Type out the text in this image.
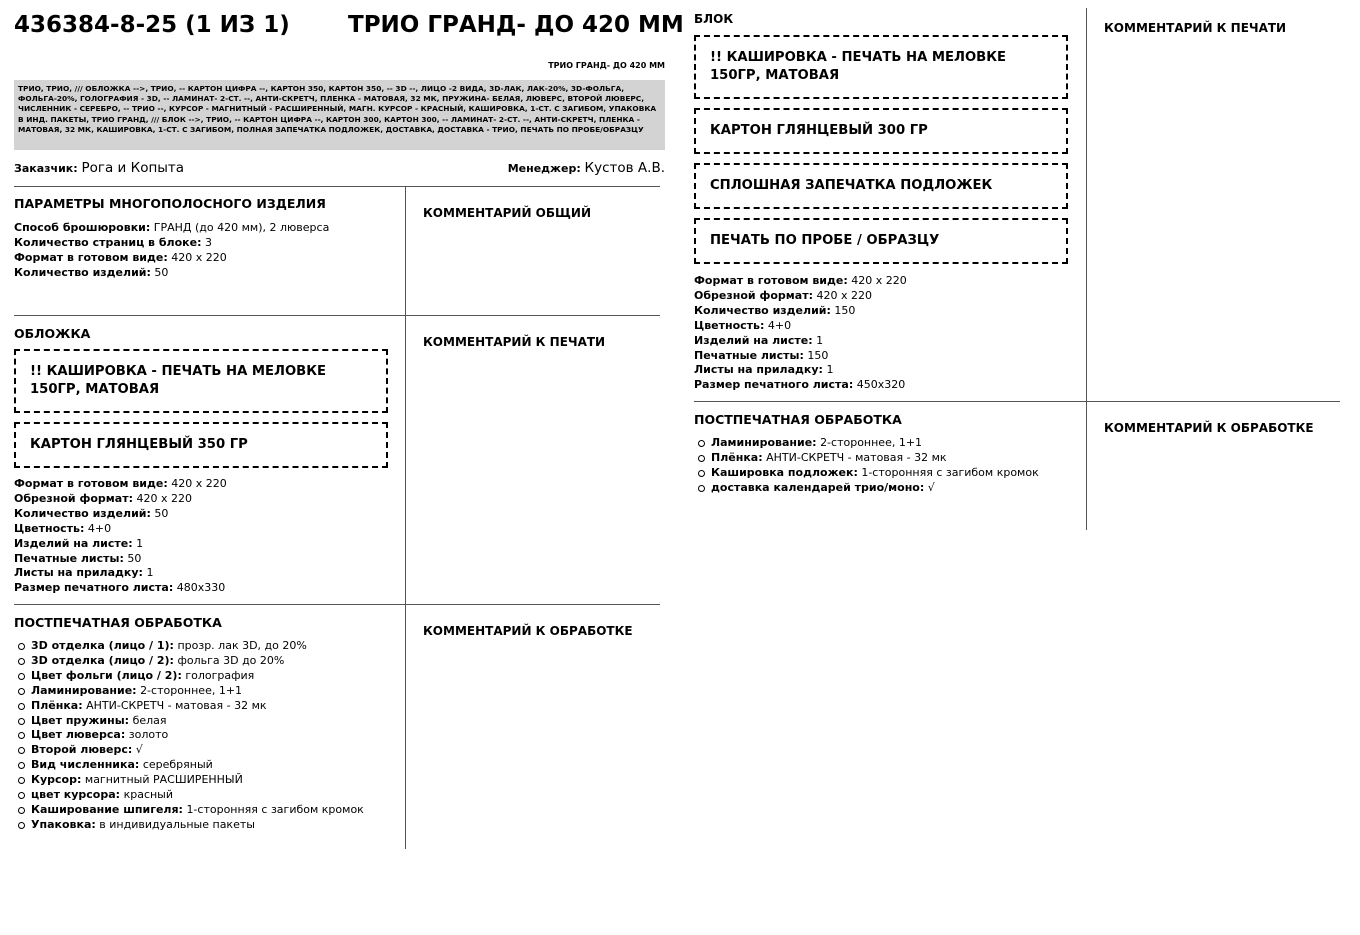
436384-8-25 (1 ИЗ 1)	ТРИО ГРАНД- ДО 420 ММ
ТРИО ГРАНД- ДО 420 ММ
ТРИО, ТРИО, /// ОБЛОЖКА -->, ТРИО, -- КАРТОН ЦИФРА --, КАРТОН 350, КАРТОН 350, -- 3D --, ЛИЦО -2 ВИДА, 3D-ЛАК, ЛАК-20%, 3D-ФОЛЬГА, ФОЛЬГА-20%, ГОЛОГРАФИЯ - 3D, -- ЛАМИНАТ- 2-СТ. --, АНТИ-СКРЕТЧ, ПЛЕНКА - МАТОВАЯ, 32 МК, ПРУЖИНА- БЕЛАЯ, ЛЮВЕРС, ВТОРОЙ ЛЮВЕРС, ЧИСЛЕННИК - СЕРЕБРО, -- ТРИО --, КУРСОР - МАГНИТНЫЙ - РАСШИРЕННЫЙ, МАГН. КУРСОР - КРАСНЫЙ, КАШИРОВКА, 1-СТ. С ЗАГИБОМ, УПАКОВКА В ИНД. ПАКЕТЫ, ТРИО ГРАНД, /// БЛОК -->, ТРИО, -- КАРТОН ЦИФРА --, КАРТОН 300, КАРТОН 300, -- ЛАМИНАТ- 2-СТ. --, АНТИ-СКРЕТЧ, ПЛЕНКА - МАТОВАЯ, 32 МК, КАШИРОВКА, 1-СТ. С ЗАГИБОМ, ПОЛНАЯ ЗАПЕЧАТКА ПОДЛОЖЕК, ДОСТАВКА, ДОСТАВКА - ТРИО, ПЕЧАТЬ ПО ПРОБЕ/ОБРАЗЦУ
Заказчик: Рога и Копыта	Менеджер: Кустов А.В.
ПАРАМЕТРЫ МНОГОПОЛОСНОГО ИЗДЕЛИЯ
Способ брошюровки: ГРАНД (до 420 мм), 2 люверса
Количество страниц в блоке: 3
Формат в готовом виде: 420 x 220
Количество изделий: 50
КОММЕНТАРИЙ ОБЩИЙ
ОБЛОЖКА
!! КАШИРОВКА - ПЕЧАТЬ НА МЕЛОВКЕ 150ГР, МАТОВАЯ
КАРТОН ГЛЯНЦЕВЫЙ 350 ГР
Формат в готовом виде: 420 x 220
Обрезной формат: 420 x 220
Количество изделий: 50
Цветность: 4+0
Изделий на листе: 1
Печатные листы: 50
Листы на приладку: 1
Размер печатного листа: 480x330
КОММЕНТАРИЙ К ПЕЧАТИ
ПОСТПЕЧАТНАЯ ОБРАБОТКА
3D отделка (лицо / 1): прозр. лак 3D, до 20%
3D отделка (лицо / 2): фольга 3D до 20%
Цвет фольги (лицо / 2): голография
Ламинирование: 2-стороннее, 1+1
Плёнка: АНТИ-СКРЕТЧ - матовая - 32 мк
Цвет пружины: белая
Цвет люверса: золото
Второй люверс: √
Вид численника: серебряный
Курсор: магнитный РАСШИРЕННЫЙ
цвет курсора: красный
Каширование шпигеля: 1-сторонняя с загибом кромок
Упаковка: в индивидуальные пакеты
КОММЕНТАРИЙ К ОБРАБОТКЕ
БЛОК
!! КАШИРОВКА - ПЕЧАТЬ НА МЕЛОВКЕ 150ГР, МАТОВАЯ
КАРТОН ГЛЯНЦЕВЫЙ 300 ГР
СПЛОШНАЯ ЗАПЕЧАТКА ПОДЛОЖЕК
ПЕЧАТЬ ПО ПРОБЕ / ОБРАЗЦУ
Формат в готовом виде: 420 x 220
Обрезной формат: 420 x 220
Количество изделий: 150
Цветность: 4+0
Изделий на листе: 1
Печатные листы: 150
Листы на приладку: 1
Размер печатного листа: 450x320
КОММЕНТАРИЙ К ПЕЧАТИ
ПОСТПЕЧАТНАЯ ОБРАБОТКА
Ламинирование: 2-стороннее, 1+1
Плёнка: АНТИ-СКРЕТЧ - матовая - 32 мк
Кашировка подложек: 1-сторонняя с загибом кромок
доставка календарей трио/моно: √
КОММЕНТАРИЙ К ОБРАБОТКЕ
